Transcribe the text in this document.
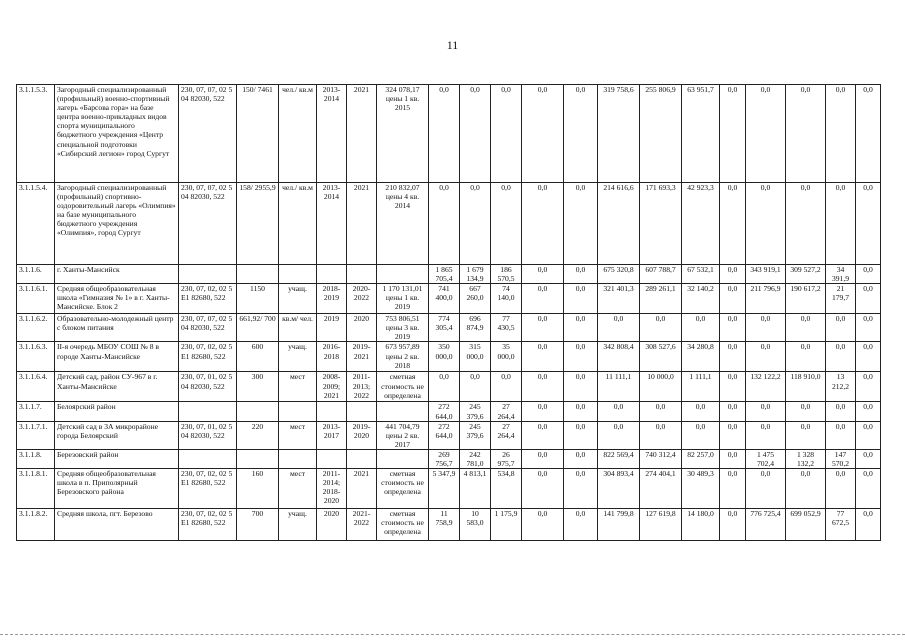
11
3.1.1.5.3.	Загородный специализированный (профильный) военно-спортивный лагерь «Барсова гора» на базе центра военно-прикладных видов спорта муниципального бюджетного учреждения «Центр специальной подготовки «Сибирский легион» город Сургут	230, 07, 07, 02 5 04 82030, 522	150/ 7461	чел./ кв.м	2013-2014	2021	324 078,17 цены 1 кв. 2015	0,0	0,0	0,0	0,0	0,0	319 758,6	255 806,9	63 951,7	0,0	0,0	0,0	0,0	0,0
3.1.1.5.4.	Загородный специализированный (профильный) спортивно-оздоровительный лагерь «Олимпия» на базе муниципального бюджетного учреждения «Олимпия», город Сургут	230, 07, 07, 02 5 04 82030, 522	158/ 2955,9	чел./ кв.м	2013-2014	2021	210 832,07 цены 4 кв. 2014	0,0	0,0	0,0	0,0	0,0	214 616,6	171 693,3	42 923,3	0,0	0,0	0,0	0,0	0,0
3.1.1.6.	г. Ханты-Мансийск							1 865 705,4	1 679 134,9	186 570,5	0,0	0,0	675 320,8	607 788,7	67 532,1	0,0	343 919,1	309 527,2	34 391,9	0,0
3.1.1.6.1.	Средняя общеобразовательная школа «Гимназия № 1» в г. Ханты-Мансийске. Блок 2	230, 07, 02, 02 5 Е1 82680, 522	1150	учащ.	2018-2019	2020-2022	1 170 131,01 цены 1 кв. 2019	741 400,0	667 260,0	74 140,0	0,0	0,0	321 401,3	289 261,1	32 140,2	0,0	211 796,9	190 617,2	21 179,7	0,0
3.1.1.6.2.	Образовательно-молодежный центр с блоком питания	230, 07, 07, 02 5 04 82030, 522	661,92/ 700	кв.м/ чел.	2019	2020	753 806,51 цены 3 кв. 2019	774 305,4	696 874,9	77 430,5	0,0	0,0	0,0	0,0	0,0	0,0	0,0	0,0	0,0	0,0
3.1.1.6.3.	II-я очередь МБОУ СОШ № 8 в городе Ханты-Мансийске	230, 07, 02, 02 5 Е1 82680, 522	600	учащ.	2016-2018	2019-2021	673 957,89 цены 2 кв. 2018	350 000,0	315 000,0	35 000,0	0,0	0,0	342 808,4	308 527,6	34 280,8	0,0	0,0	0,0	0,0	0,0
3.1.1.6.4.	Детский сад, район СУ-967 в г. Ханты-Мансийске	230, 07, 01, 02 5 04 82030, 522	300	мест	2008-2009; 2021	2011-2013; 2022	сметная стоимость не определена	0,0	0,0	0,0	0,0	0,0	11 111,1	10 000,0	1 111,1	0,0	132 122,2	118 910,0	13 212,2	0,0
3.1.1.7.	Белоярский район							272 644,0	245 379,6	27 264,4	0,0	0,0	0,0	0,0	0,0	0,0	0,0	0,0	0,0	0,0
3.1.1.7.1.	Детский сад в 3А микрорайоне города Белоярский	230, 07, 01, 02 5 04 82030, 522	220	мест	2013-2017	2019-2020	441 704,79 цены 2 кв. 2017	272 644,0	245 379,6	27 264,4	0,0	0,0	0,0	0,0	0,0	0,0	0,0	0,0	0,0	0,0
3.1.1.8.	Березовский район							269 756,7	242 781,0	26 975,7	0,0	0,0	822 569,4	740 312,4	82 257,0	0,0	1 475 702,4	1 328 132,2	147 570,2	0,0
3.1.1.8.1.	Средняя общеобразовательная школа в п. Приполярный Березовского района	230, 07, 02, 02 5 Е1 82680, 522	160	мест	2011-2014; 2018-2020	2021	сметная стоимость не определена	5 347,9	4 813,1	534,8	0,0	0,0	304 893,4	274 404,1	30 489,3	0,0	0,0	0,0	0,0	0,0
3.1.1.8.2.	Средняя школа, пгт. Березово	230, 07, 02, 02 5 Е1 82680, 522	700	учащ.	2020	2021-2022	сметная стоимость не определена	11 758,9	10 583,0	1 175,9	0,0	0,0	141 799,8	127 619,8	14 180,0	0,0	776 725,4	699 052,9	77 672,5	0,0
